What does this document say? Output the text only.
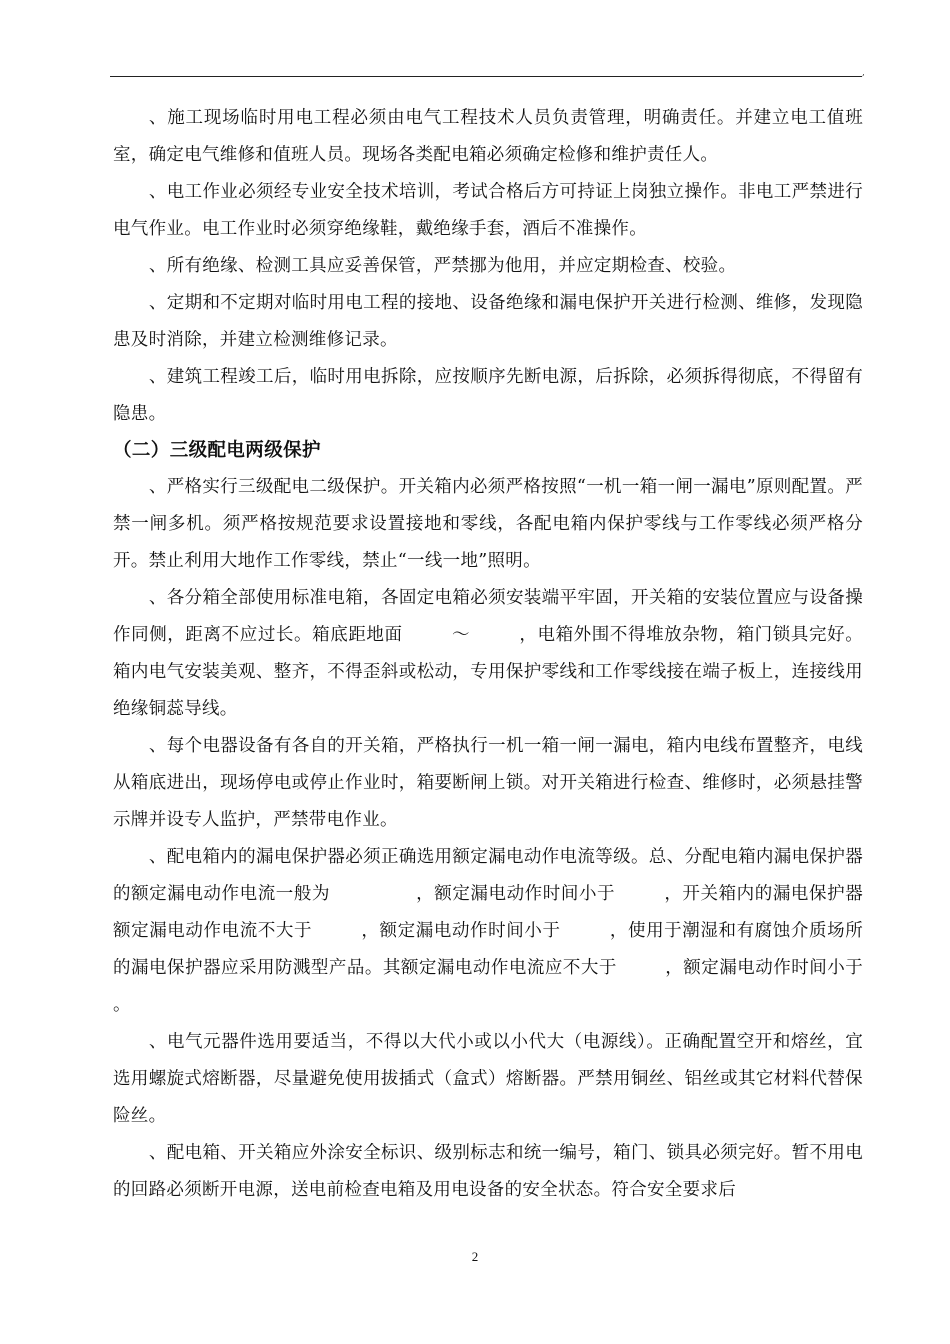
,

、施工现场临时用电工程必须由电气工程技术人员负责管理，明确责任。并建立电工值班室，确定电气维修和值班人员。现场各类配电箱必须确定检修和维护责任人。

、电工作业必须经专业安全技术培训，考试合格后方可持证上岗独立操作。非电工严禁进行电气作业。电工作业时必须穿绝缘鞋，戴绝缘手套，酒后不准操作。

、所有绝缘、检测工具应妥善保管，严禁挪为他用，并应定期检查、校验。

、定期和不定期对临时用电工程的接地、设备绝缘和漏电保护开关进行检测、维修，发现隐患及时消除，并建立检测维修记录。

、建筑工程竣工后，临时用电拆除，应按顺序先断电源，后拆除，必须拆得彻底，不得留有隐患。

（二）三级配电两级保护

、严格实行三级配电二级保护。开关箱内必须严格按照“一机一箱一闸一漏电”原则配置。严禁一闸多机。须严格按规范要求设置接地和零线，各配电箱内保护零线与工作零线必须严格分开。禁止利用大地作工作零线，禁止“一线一地”照明。

、各分箱全部使用标准电箱，各固定电箱必须安装端平牢固，开关箱的安装位置应与设备操作同侧，距离不应过长。箱底距地面        ～        ，电箱外围不得堆放杂物，箱门锁具完好。箱内电气安装美观、整齐，不得歪斜或松动，专用保护零线和工作零线接在端子板上，连接线用绝缘铜蕊导线。

、每个电器设备有各自的开关箱，严格执行一机一箱一闸一漏电，箱内电线布置整齐，电线从箱底进出，现场停电或停止作业时，箱要断闸上锁。对开关箱进行检查、维修时，必须悬挂警示牌并设专人监护，严禁带电作业。

、配电箱内的漏电保护器必须正确选用额定漏电动作电流等级。总、分配电箱内漏电保护器的额定漏电动作电流一般为              ，额定漏电动作时间小于        ，开关箱内的漏电保护器额定漏电动作电流不大于        ，额定漏电动作时间小于        ，使用于潮湿和有腐蚀介质场所的漏电保护器应采用防溅型产品。其额定漏电动作电流应不大于        ，额定漏电动作时间小于        。

、电气元器件选用要适当，不得以大代小或以小代大（电源线）。正确配置空开和熔丝，宜选用螺旋式熔断器，尽量避免使用拔插式（盒式）熔断器。严禁用铜丝、铝丝或其它材料代替保险丝。

、配电箱、开关箱应外涂安全标识、级别标志和统一编号，箱门、锁具必须完好。暂不用电的回路必须断开电源，送电前检查电箱及用电设备的安全状态。符合安全要求后

2
